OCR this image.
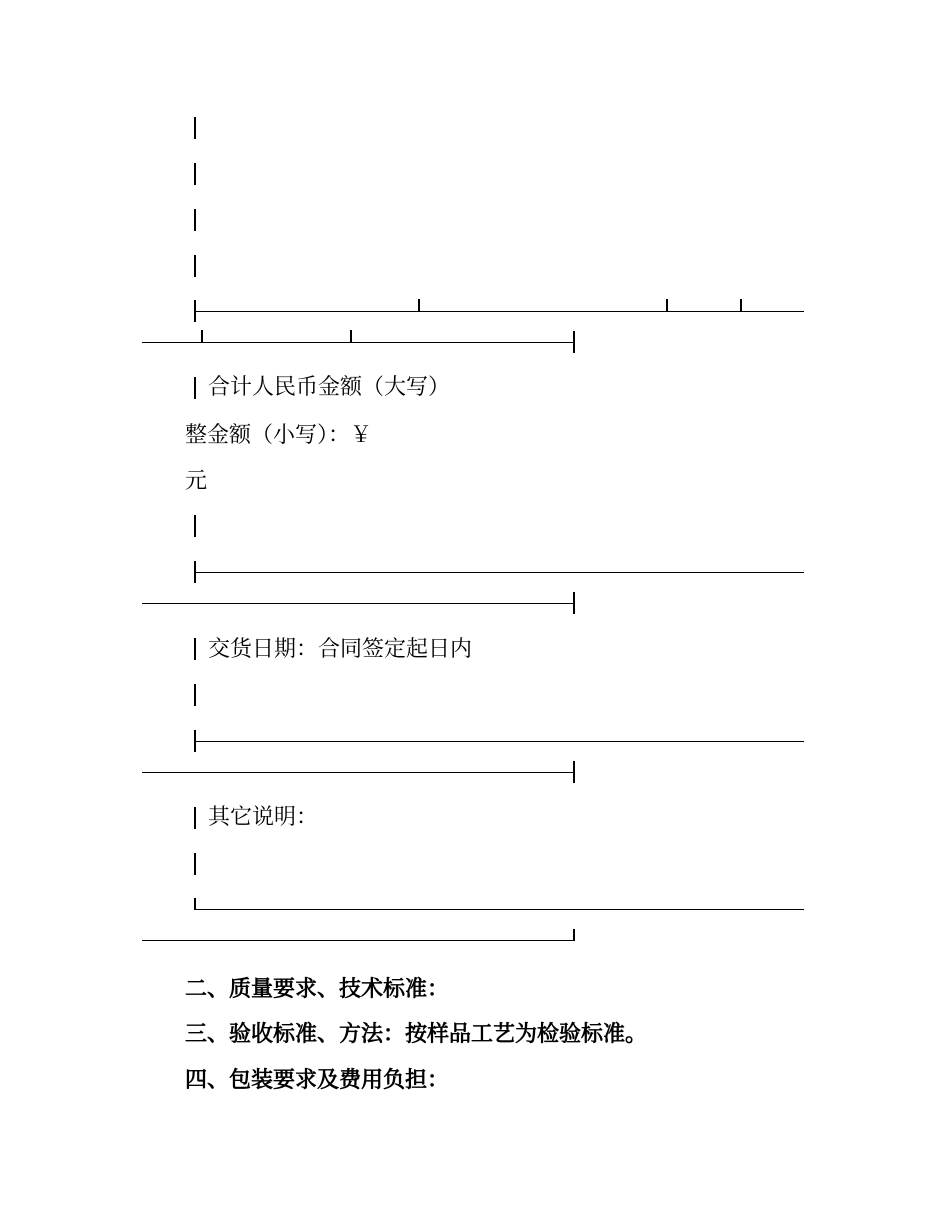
合计人民币金额（大写）
整金额（小写）：￥
元
交货日期：合同签定起日内
其它说明：
二、质量要求、技术标准：
三、验收标准、方法：按样品工艺为检验标准。
四、包装要求及费用负担：
